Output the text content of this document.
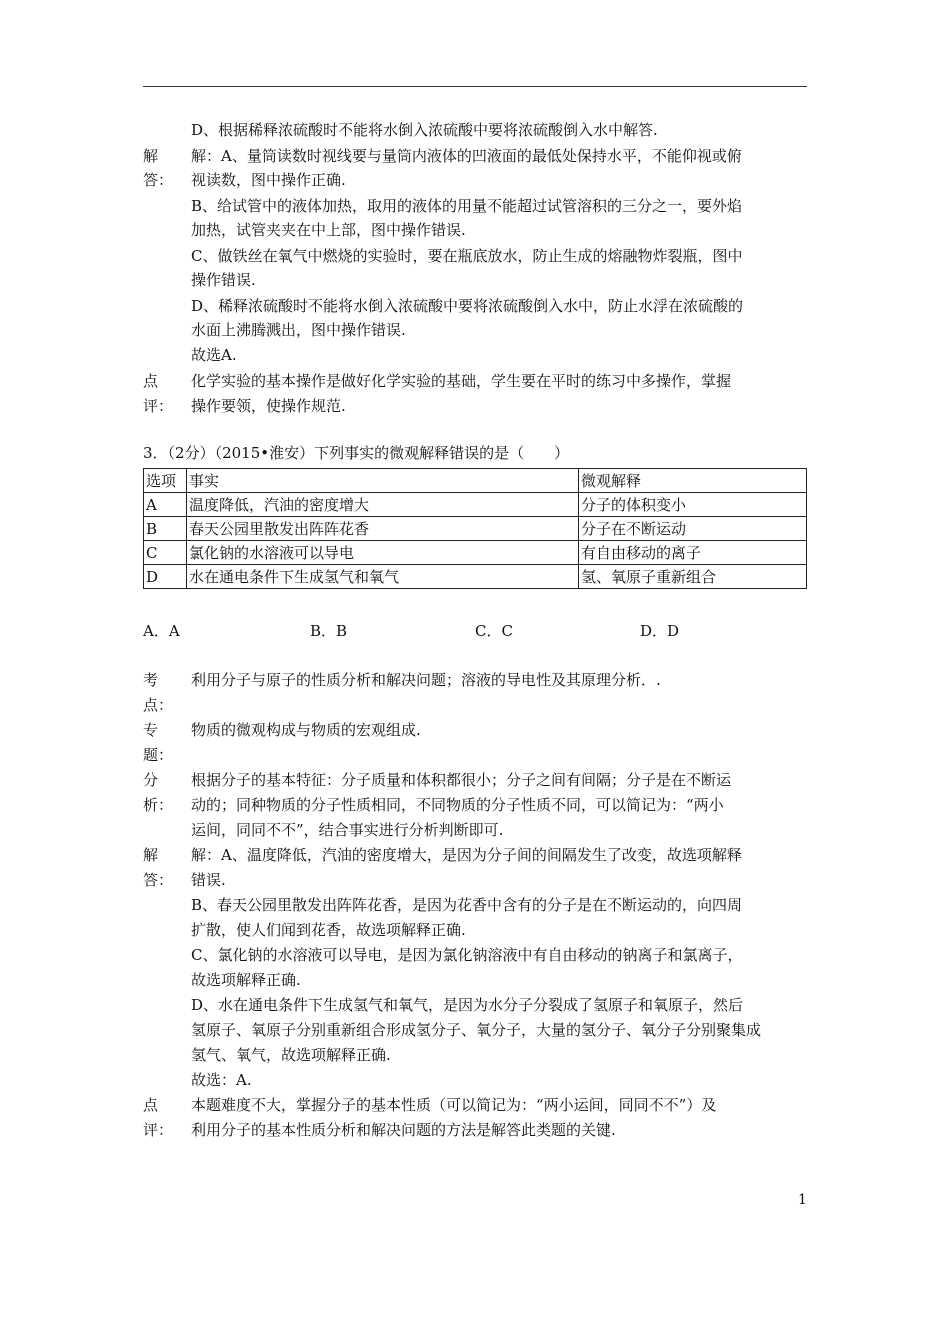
D、根据稀释浓硫酸时不能将水倒入浓硫酸中要将浓硫酸倒入水中解答.
解
答：
解：A、量筒读数时视线要与量筒内液体的凹液面的最低处保持水平，不能仰视或俯
视读数，图中操作正确.
B、给试管中的液体加热，取用的液体的用量不能超过试管溶积的三分之一，要外焰
加热，试管夹夹在中上部，图中操作错误.
C、做铁丝在氧气中燃烧的实验时，要在瓶底放水，防止生成的熔融物炸裂瓶，图中
操作错误.
D、稀释浓硫酸时不能将水倒入浓硫酸中要将浓硫酸倒入水中，防止水浮在浓硫酸的
水面上沸腾溅出，图中操作错误.
故选A.
点
评：
化学实验的基本操作是做好化学实验的基础，学生要在平时的练习中多操作，掌握
操作要领，使操作规范.
3．（2分）（2015•淮安）下列事实的微观解释错误的是（　　）
选项	事实	微观解释
A	温度降低，汽油的密度增大	分子的体积变小
B	春天公园里散发出阵阵花香	分子在不断运动
C	氯化钠的水溶液可以导电	有自由移动的离子
D	水在通电条件下生成氢气和氧气	氢、氧原子重新组合
A．A	B．B	C．C	D．D
考
点：
利用分子与原子的性质分析和解决问题；溶液的导电性及其原理分析．.
专
题：
物质的微观构成与物质的宏观组成.
分
析：
根据分子的基本特征：分子质量和体积都很小；分子之间有间隔；分子是在不断运
动的；同种物质的分子性质相同，不同物质的分子性质不同，可以简记为：“两小
运间，同同不不”，结合事实进行分析判断即可.
解
答：
解：A、温度降低，汽油的密度增大，是因为分子间的间隔发生了改变，故选项解释
错误.
B、春天公园里散发出阵阵花香，是因为花香中含有的分子是在不断运动的，向四周
扩散，使人们闻到花香，故选项解释正确.
C、氯化钠的水溶液可以导电，是因为氯化钠溶液中有自由移动的钠离子和氯离子，
故选项解释正确.
D、水在通电条件下生成氢气和氧气，是因为水分子分裂成了氢原子和氧原子，然后
氢原子、氧原子分别重新组合形成氢分子、氧分子，大量的氢分子、氧分子分别聚集成
氢气、氧气，故选项解释正确.
故选：A.
点
评：
本题难度不大，掌握分子的基本性质（可以简记为：“两小运间，同同不不”）及
利用分子的基本性质分析和解决问题的方法是解答此类题的关键.
1
